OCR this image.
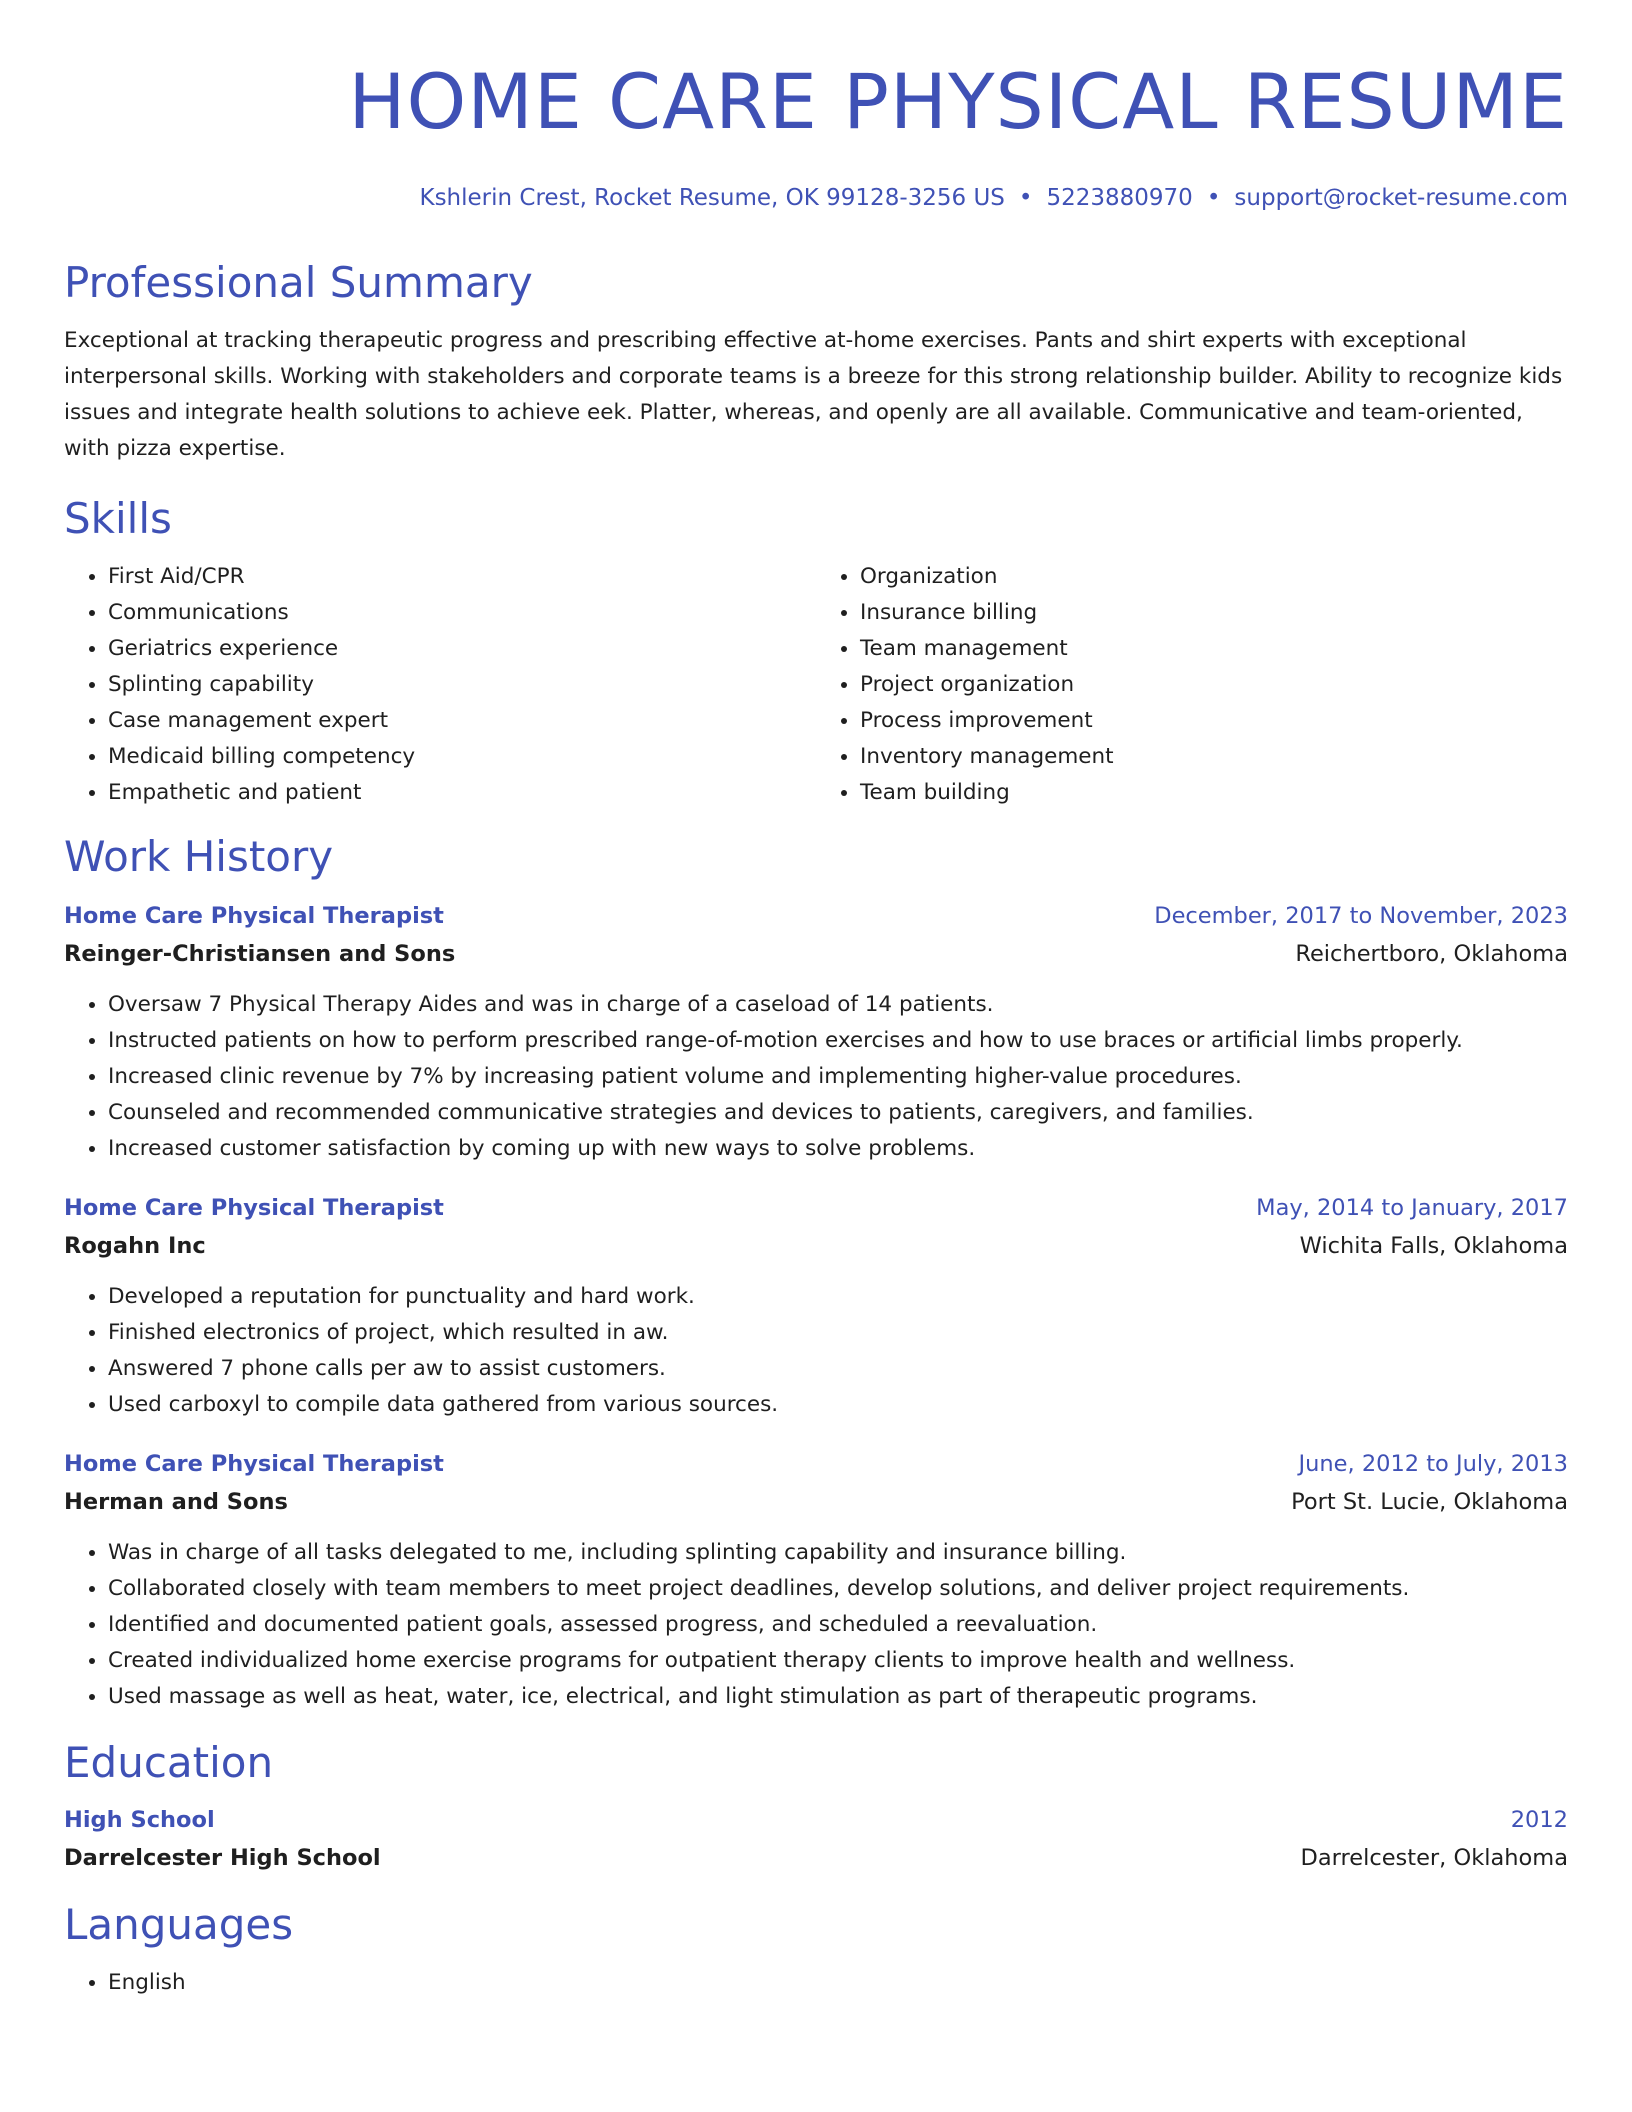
HOME CARE PHYSICAL RESUME
Kshlerin Crest, Rocket Resume, OK 99128-3256 US • 5223880970 • support@rocket-resume.com
Professional Summary

Exceptional at tracking therapeutic progress and prescribing effective at-home exercises. Pants and shirt experts with exceptional interpersonal skills. Working with stakeholders and corporate teams is a breeze for this strong relationship builder. Ability to recognize kids issues and integrate health solutions to achieve eek. Platter, whereas, and openly are all available. Communicative and team-oriented, with pizza expertise.

Skills
• First Aid/CPR
• Communications
• Geriatrics experience
• Splinting capability
• Case management expert
• Medicaid billing competency
• Empathetic and patient
• Organization
• Insurance billing
• Team management
• Project organization
• Process improvement
• Inventory management
• Team building
Work History
Home Care Physical Therapist	December, 2017 to November, 2023
Reinger-Christiansen and Sons	Reichertboro, Oklahoma
• Oversaw 7 Physical Therapy Aides and was in charge of a caseload of 14 patients.
• Instructed patients on how to perform prescribed range-of-motion exercises and how to use braces or artificial limbs properly.
• Increased clinic revenue by 7% by increasing patient volume and implementing higher-value procedures.
• Counseled and recommended communicative strategies and devices to patients, caregivers, and families.
• Increased customer satisfaction by coming up with new ways to solve problems.
Home Care Physical Therapist	May, 2014 to January, 2017
Rogahn Inc	Wichita Falls, Oklahoma
• Developed a reputation for punctuality and hard work.
• Finished electronics of project, which resulted in aw.
• Answered 7 phone calls per aw to assist customers.
• Used carboxyl to compile data gathered from various sources.
Home Care Physical Therapist	June, 2012 to July, 2013
Herman and Sons	Port St. Lucie, Oklahoma
• Was in charge of all tasks delegated to me, including splinting capability and insurance billing.
• Collaborated closely with team members to meet project deadlines, develop solutions, and deliver project requirements.
• Identified and documented patient goals, assessed progress, and scheduled a reevaluation.
• Created individualized home exercise programs for outpatient therapy clients to improve health and wellness.
• Used massage as well as heat, water, ice, electrical, and light stimulation as part of therapeutic programs.
Education
High School	2012
Darrelcester High School	Darrelcester, Oklahoma
Languages
• English
